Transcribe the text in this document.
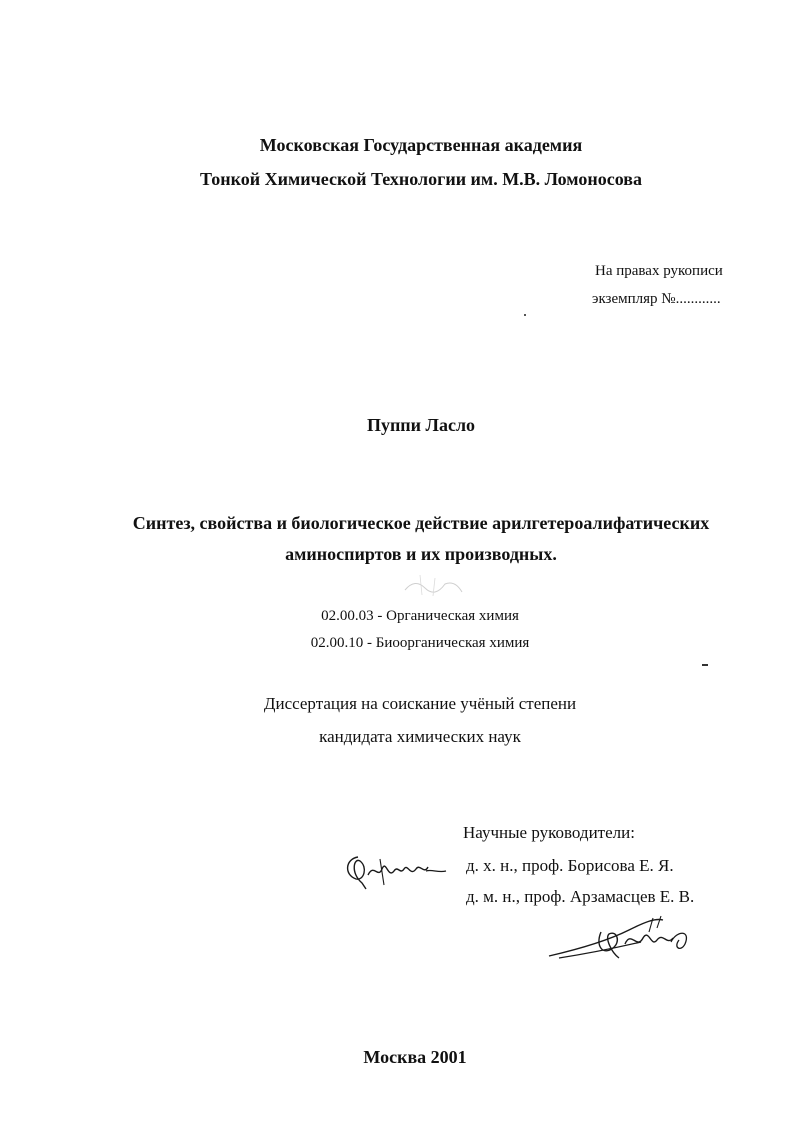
Московская Государственная академия

Тонкой Химической Технологии им. М.В. Ломоносова

На правах рукописи

экземпляр №............

Пуппи Ласло

Синтез, свойства и биологическое действие арилгетероалифатических

аминоспиртов и их производных.

02.00.03 - Органическая химия

02.00.10 - Биоорганическая химия

Диссертация на соискание учёный степени

кандидата химических наук

Научные руководители:

д. х. н., проф. Борисова Е. Я.

д. м. н., проф. Арзамасцев Е. В.

Москва 2001
